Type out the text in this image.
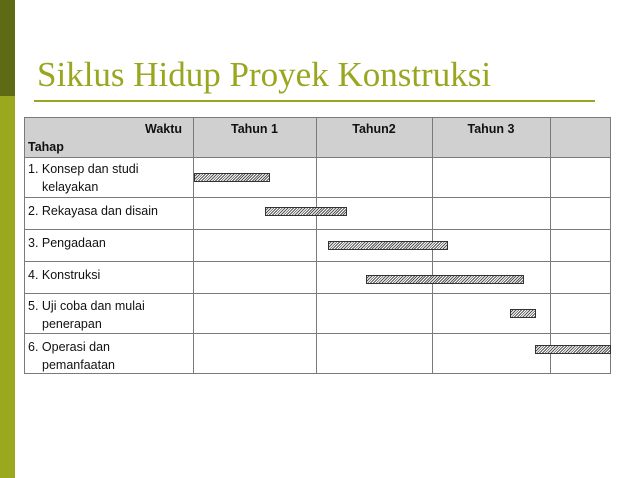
Siklus Hidup Proyek Konstruksi
Waktu
Tahap
Tahun 1	Tahun2	Tahun 3
1. Konsep dan studi
kelayakan
2. Rekayasa dan disain
3. Pengadaan
4. Konstruksi
5. Uji coba dan mulai
penerapan
6. Operasi dan
pemanfaatan
